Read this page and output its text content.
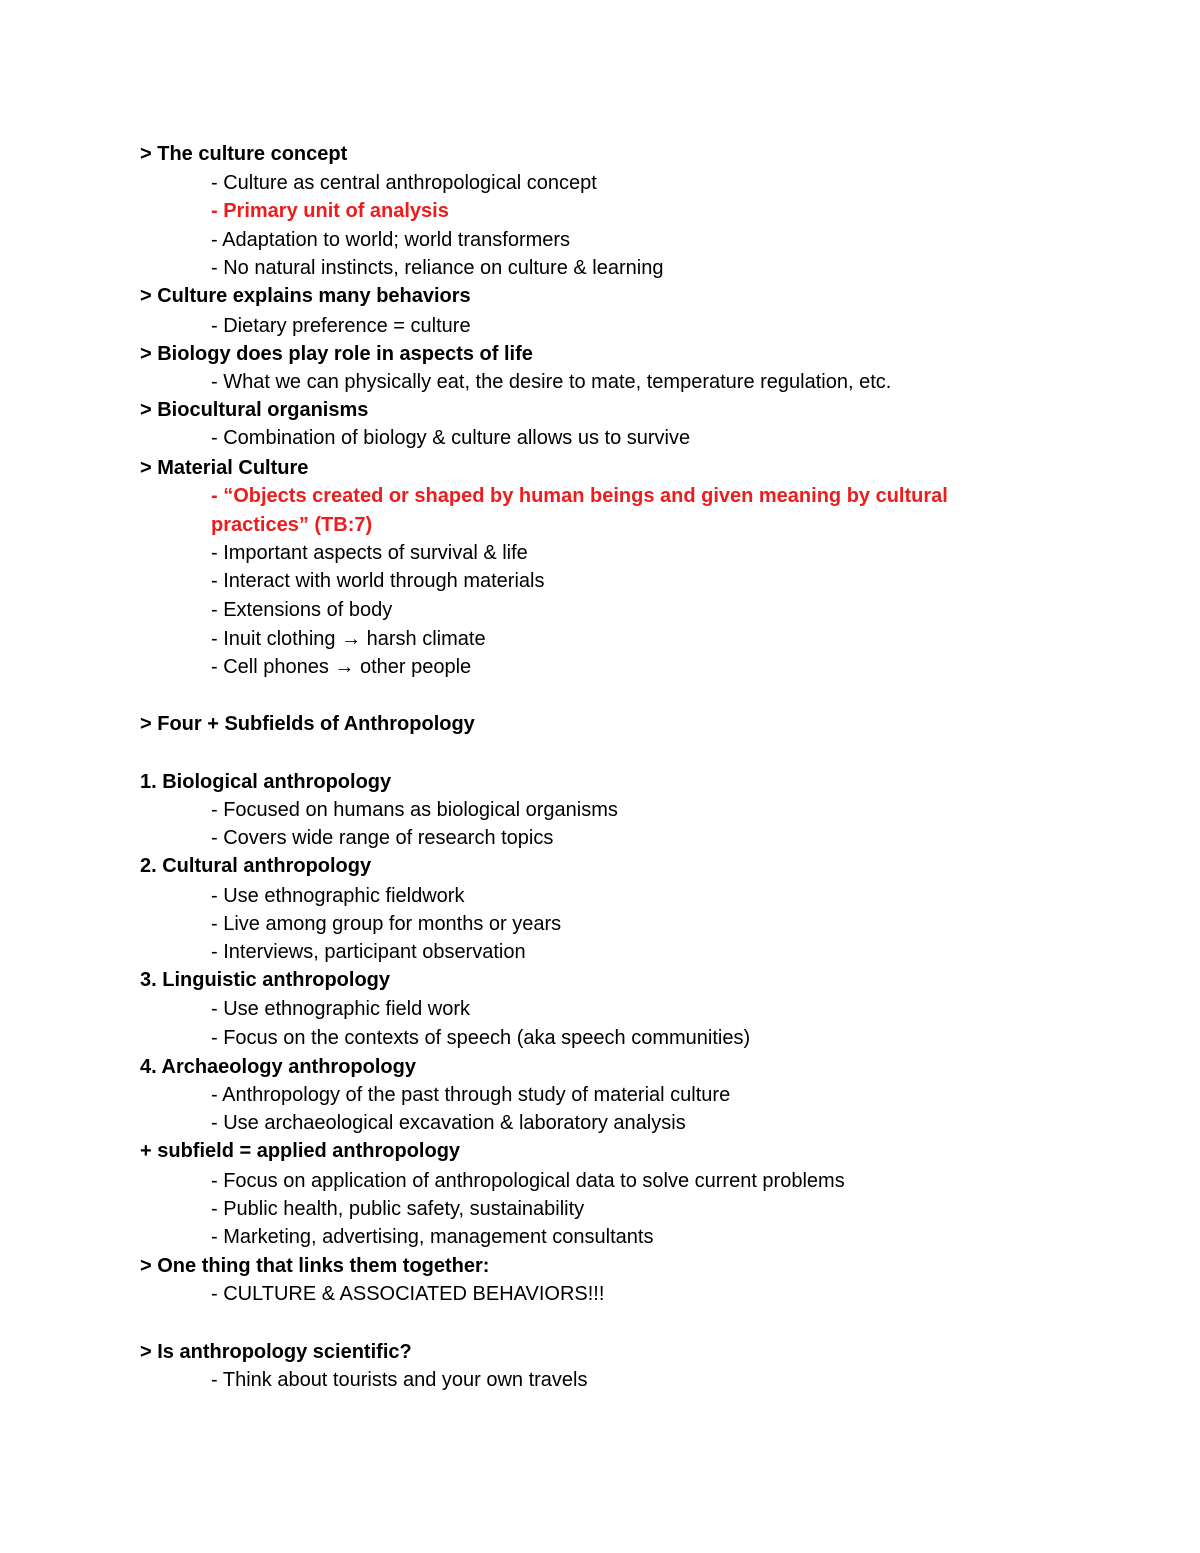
> The culture concept
- Culture as central anthropological concept
- Primary unit of analysis
- Adaptation to world; world transformers
- No natural instincts, reliance on culture & learning
> Culture explains many behaviors
- Dietary preference = culture
> Biology does play role in aspects of life
- What we can physically eat, the desire to mate, temperature regulation, etc.
> Biocultural organisms
- Combination of biology & culture allows us to survive
> Material Culture
- “Objects created or shaped by human beings and given meaning by cultural
practices” (TB:7)
- Important aspects of survival & life
- Interact with world through materials
- Extensions of body
- Inuit clothing → harsh climate
- Cell phones → other people
> Four + Subfields of Anthropology
1. Biological anthropology
- Focused on humans as biological organisms
- Covers wide range of research topics
2. Cultural anthropology
- Use ethnographic fieldwork
- Live among group for months or years
- Interviews, participant observation
3. Linguistic anthropology
- Use ethnographic field work
- Focus on the contexts of speech (aka speech communities)
4. Archaeology anthropology
- Anthropology of the past through study of material culture
- Use archaeological excavation & laboratory analysis
+ subfield = applied anthropology
- Focus on application of anthropological data to solve current problems
- Public health, public safety, sustainability
- Marketing, advertising, management consultants
> One thing that links them together:
- CULTURE & ASSOCIATED BEHAVIORS!!!
> Is anthropology scientific?
- Think about tourists and your own travels
